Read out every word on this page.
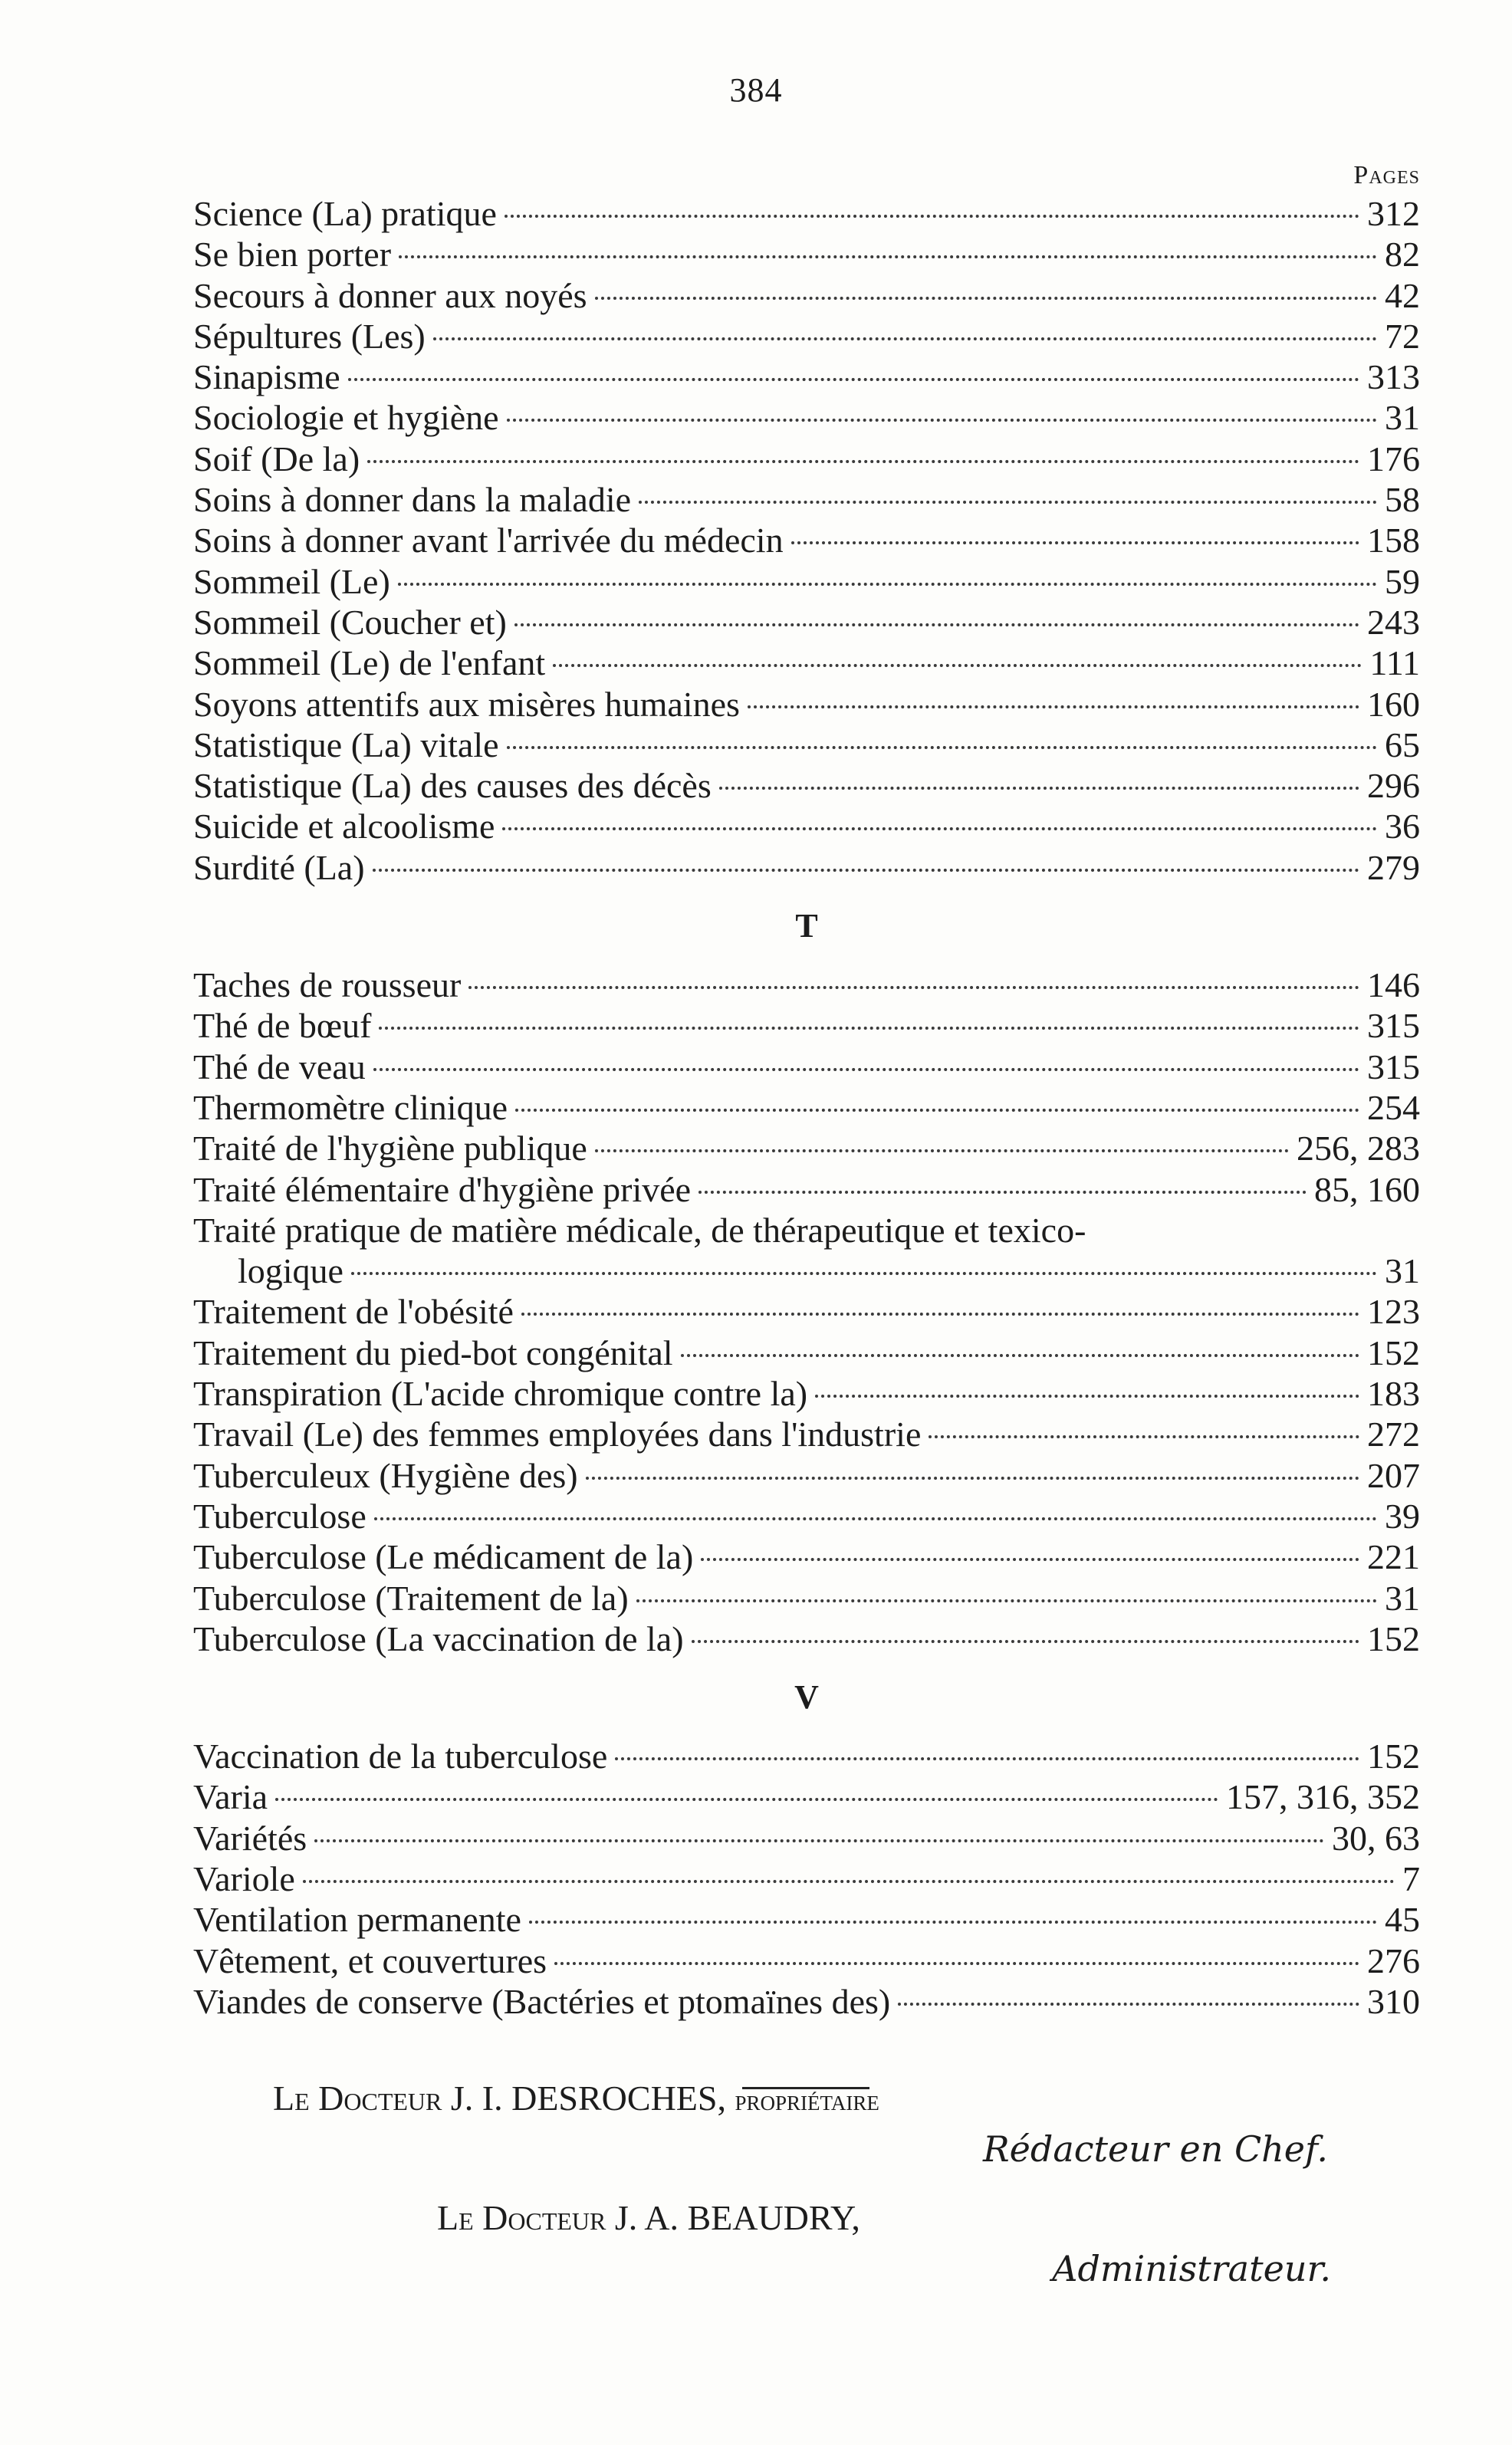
384
Pages
Science (La) pratique	312
Se bien porter	82
Secours à donner aux noyés	42
Sépultures (Les)	72
Sinapisme	313
Sociologie et hygiène	31
Soif (De la)	176
Soins à donner dans la maladie	58
Soins à donner avant l'arrivée du médecin	158
Sommeil (Le)	59
Sommeil (Coucher et)	243
Sommeil (Le) de l'enfant	111
Soyons attentifs aux misères humaines	160
Statistique (La) vitale	65
Statistique (La) des causes des décès	296
Suicide et alcoolisme	36
Surdité (La)	279
T
Taches de rousseur	146
Thé de bœuf	315
Thé de veau	315
Thermomètre clinique	254
Traité de l'hygiène publique	256, 283
Traité élémentaire d'hygiène privée	85, 160
Traité pratique de matière médicale, de thérapeutique et texico-
logique	31
Traitement de l'obésité	123
Traitement du pied-bot congénital	152
Transpiration (L'acide chromique contre la)	183
Travail (Le) des femmes employées dans l'industrie	272
Tuberculeux (Hygiène des)	207
Tuberculose	39
Tuberculose (Le médicament de la)	221
Tuberculose (Traitement de la)	31
Tuberculose (La vaccination de la)	152
V
Vaccination de la tuberculose	152
Varia	157, 316, 352
Variétés	30, 63
Variole	7
Ventilation permanente	45
Vêtement, et couvertures	276
Viandes de conserve (Bactéries et ptomaïnes des)	310
Le Docteur J. I. DESROCHES, propriétaire
Rédacteur en Chef.
Le Docteur J. A. BEAUDRY,
Administrateur.
